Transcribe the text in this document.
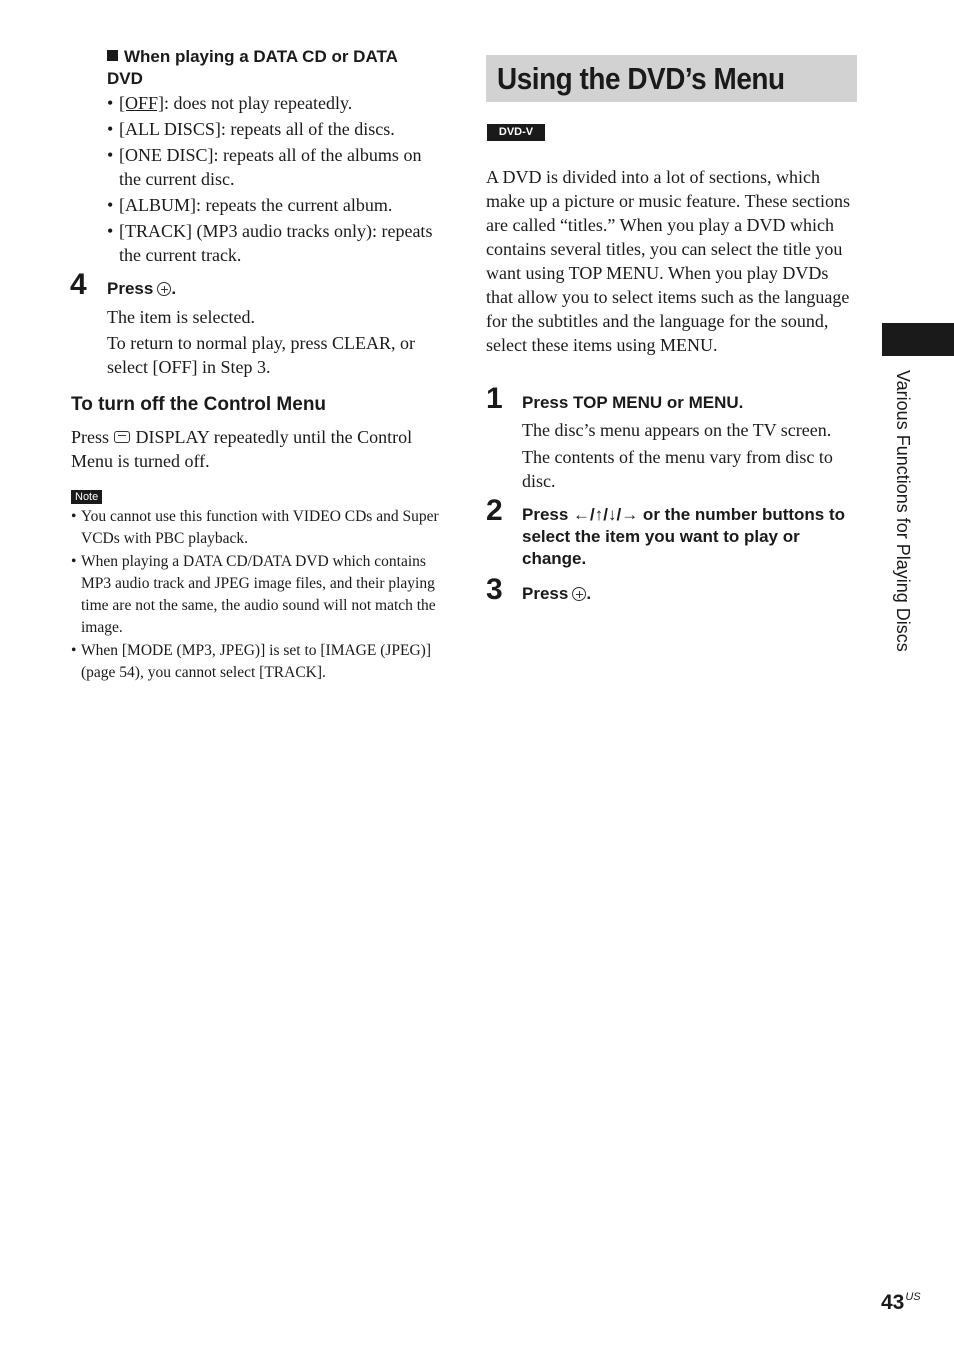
When playing a DATA CD or DATA DVD
• [OFF]: does not play repeatedly.
• [ALL DISCS]: repeats all of the discs.
• [ONE DISC]: repeats all of the albums on the current disc.
• [ALBUM]: repeats the current album.
• [TRACK] (MP3 audio tracks only): repeats the current track.
4 Press .
The item is selected.
To return to normal play, press CLEAR, or select [OFF] in Step 3.
To turn off the Control Menu
Press DISPLAY repeatedly until the Control Menu is turned off.
Note
• You cannot use this function with VIDEO CDs and Super VCDs with PBC playback.
• When playing a DATA CD/DATA DVD which contains MP3 audio track and JPEG image files, and their playing time are not the same, the audio sound will not match the image.
• When [MODE (MP3, JPEG)] is set to [IMAGE (JPEG)] (page 54), you cannot select [TRACK].
Using the DVD’s Menu
DVD-V
A DVD is divided into a lot of sections, which make up a picture or music feature. These sections are called “titles.” When you play a DVD which contains several titles, you can select the title you want using TOP MENU. When you play DVDs that allow you to select items such as the language for the subtitles and the language for the sound, select these items using MENU.
1 Press TOP MENU or MENU.
The disc’s menu appears on the TV screen.
The contents of the menu vary from disc to disc.
2 Press ←/↑/↓/→ or the number buttons to select the item you want to play or change.
3 Press .	Various Functions for Playing Discs
$43^{US}$
